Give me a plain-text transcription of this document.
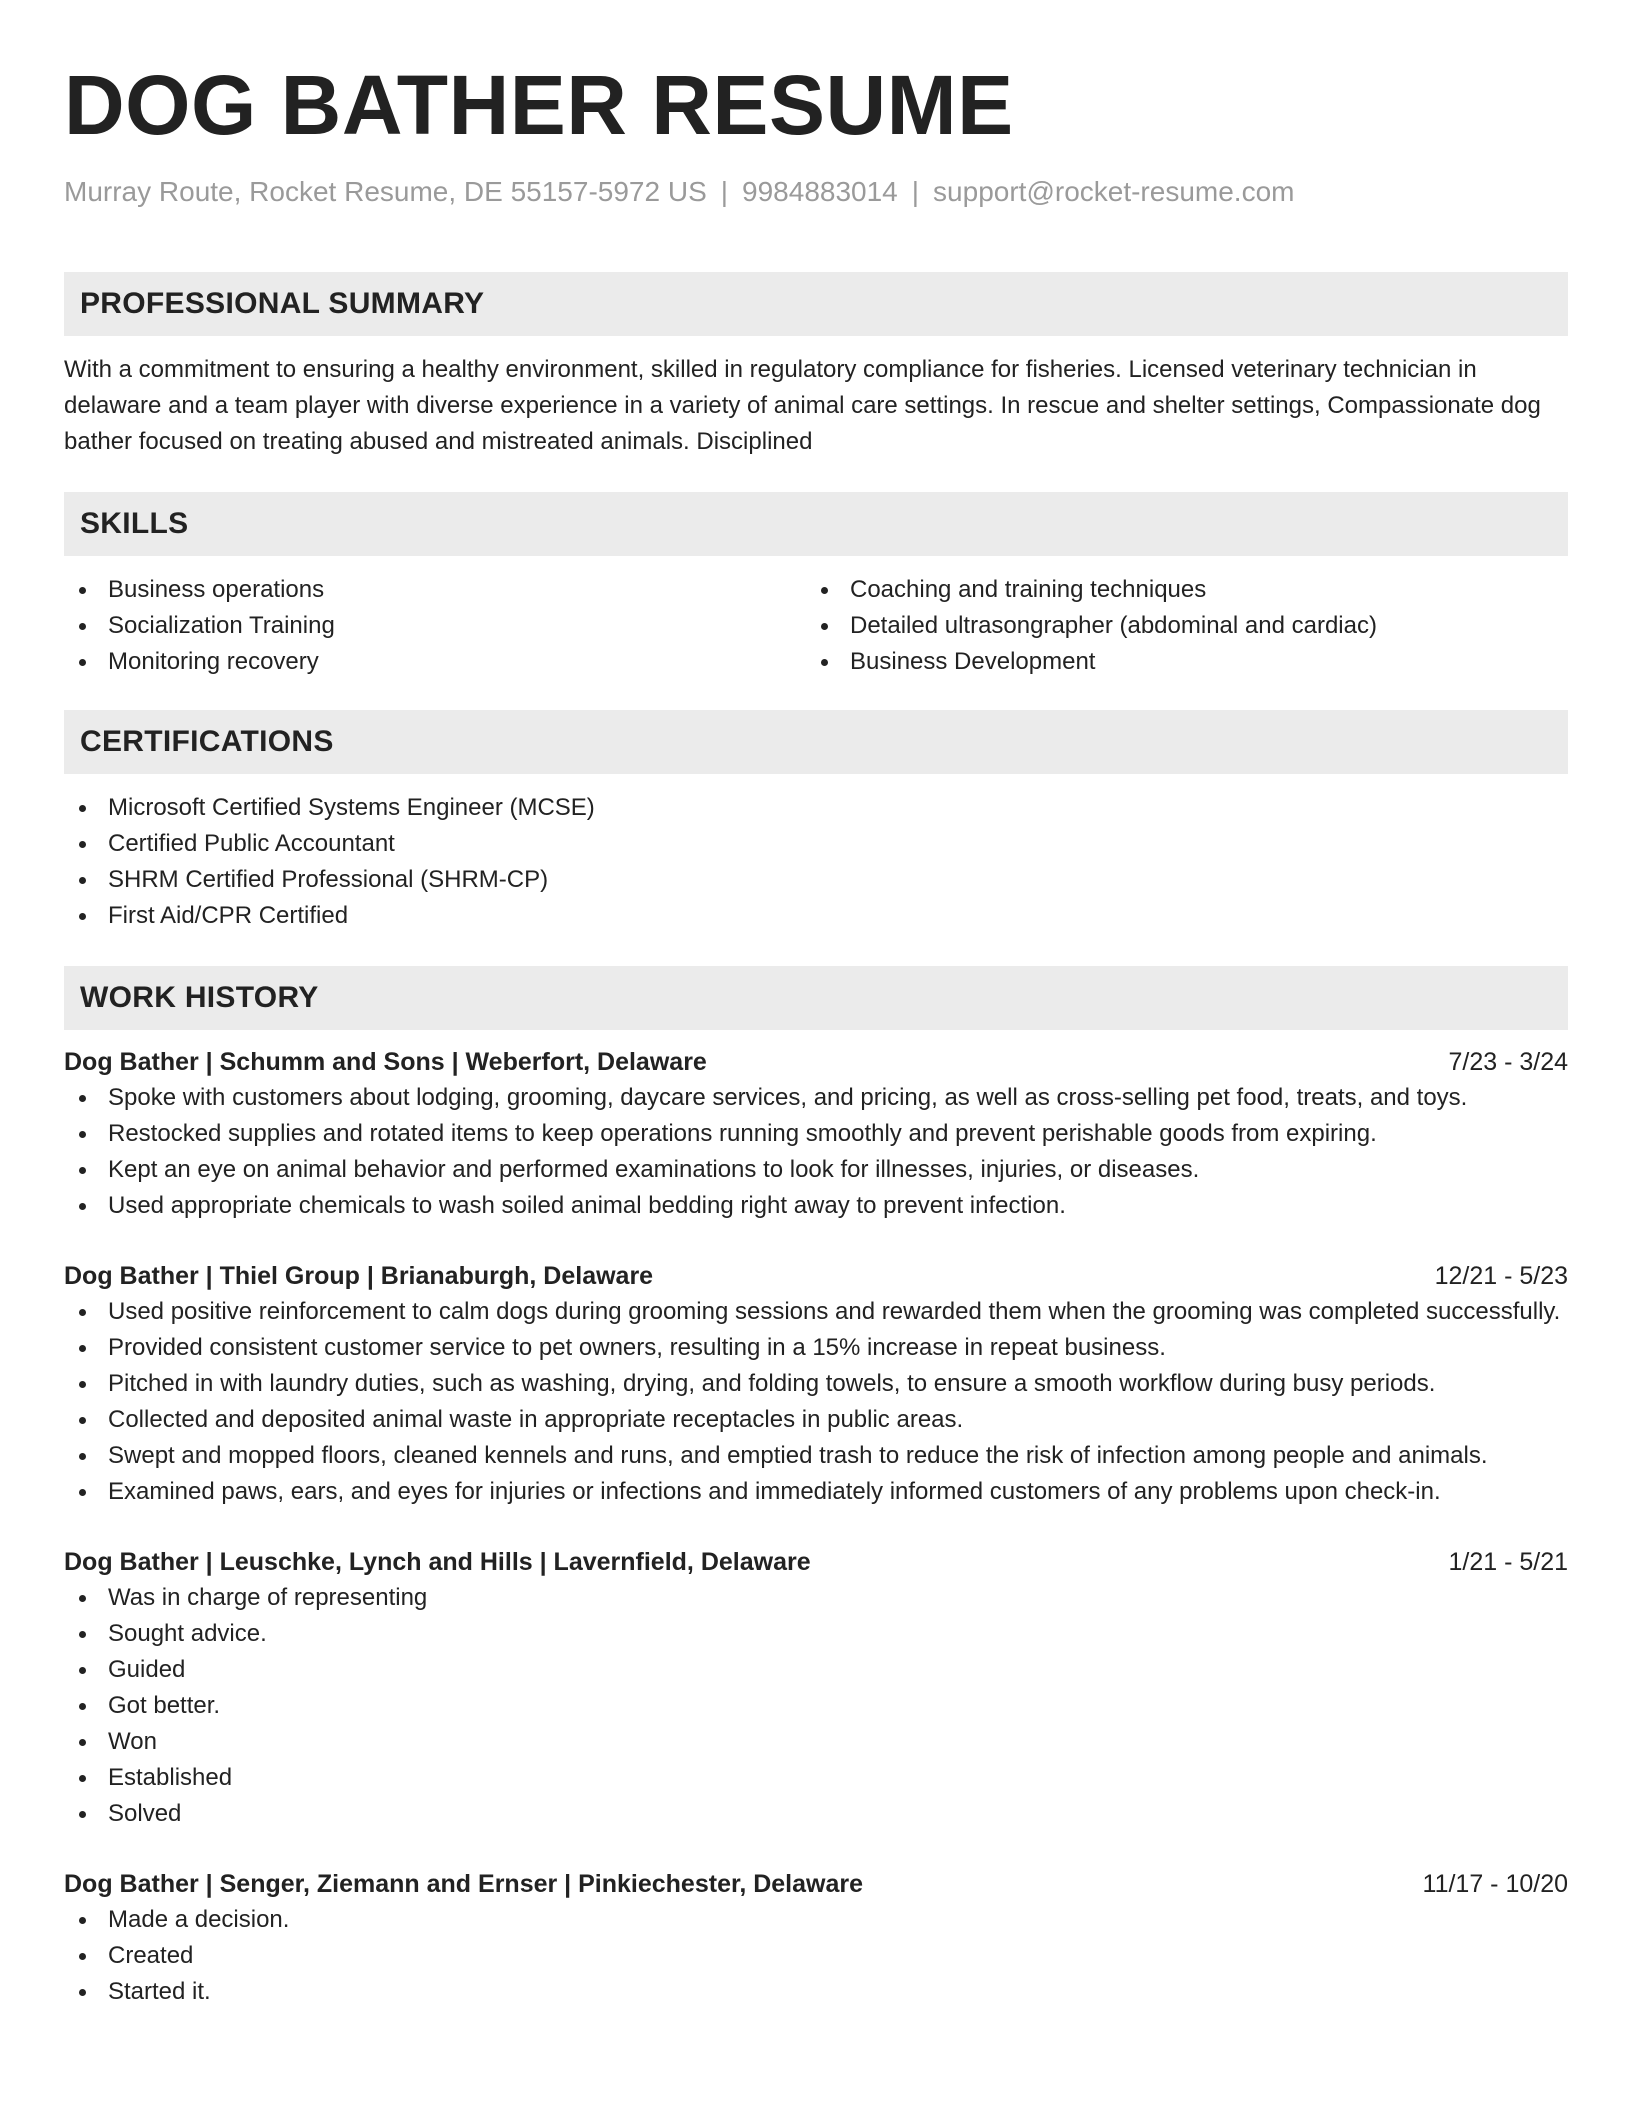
DOG BATHER RESUME
Murray Route, Rocket Resume, DE 55157-5972 US | 9984883014 | support@rocket-resume.com
PROFESSIONAL SUMMARY

With a commitment to ensuring a healthy environment, skilled in regulatory compliance for fisheries. Licensed veterinary technician in delaware and a team player with diverse experience in a variety of animal care settings. In rescue and shelter settings, Compassionate dog bather focused on treating abused and mistreated animals. Disciplined

SKILLS
Business operations
Socialization Training
Monitoring recovery
Coaching and training techniques
Detailed ultrasongrapher (abdominal and cardiac)
Business Development
CERTIFICATIONS
Microsoft Certified Systems Engineer (MCSE)
Certified Public Accountant
SHRM Certified Professional (SHRM-CP)
First Aid/CPR Certified
WORK HISTORY
Dog Bather | Schumm and Sons | Weberfort, Delaware	7/23 - 3/24
Spoke with customers about lodging, grooming, daycare services, and pricing, as well as cross-selling pet food, treats, and toys.
Restocked supplies and rotated items to keep operations running smoothly and prevent perishable goods from expiring.
Kept an eye on animal behavior and performed examinations to look for illnesses, injuries, or diseases.
Used appropriate chemicals to wash soiled animal bedding right away to prevent infection.
Dog Bather | Thiel Group | Brianaburgh, Delaware	12/21 - 5/23
Used positive reinforcement to calm dogs during grooming sessions and rewarded them when the grooming was completed successfully.
Provided consistent customer service to pet owners, resulting in a 15% increase in repeat business.
Pitched in with laundry duties, such as washing, drying, and folding towels, to ensure a smooth workflow during busy periods.
Collected and deposited animal waste in appropriate receptacles in public areas.
Swept and mopped floors, cleaned kennels and runs, and emptied trash to reduce the risk of infection among people and animals.
Examined paws, ears, and eyes for injuries or infections and immediately informed customers of any problems upon check-in.
Dog Bather | Leuschke, Lynch and Hills | Lavernfield, Delaware	1/21 - 5/21
Was in charge of representing
Sought advice.
Guided
Got better.
Won
Established
Solved
Dog Bather | Senger, Ziemann and Ernser | Pinkiechester, Delaware	11/17 - 10/20
Made a decision.
Created
Started it.
